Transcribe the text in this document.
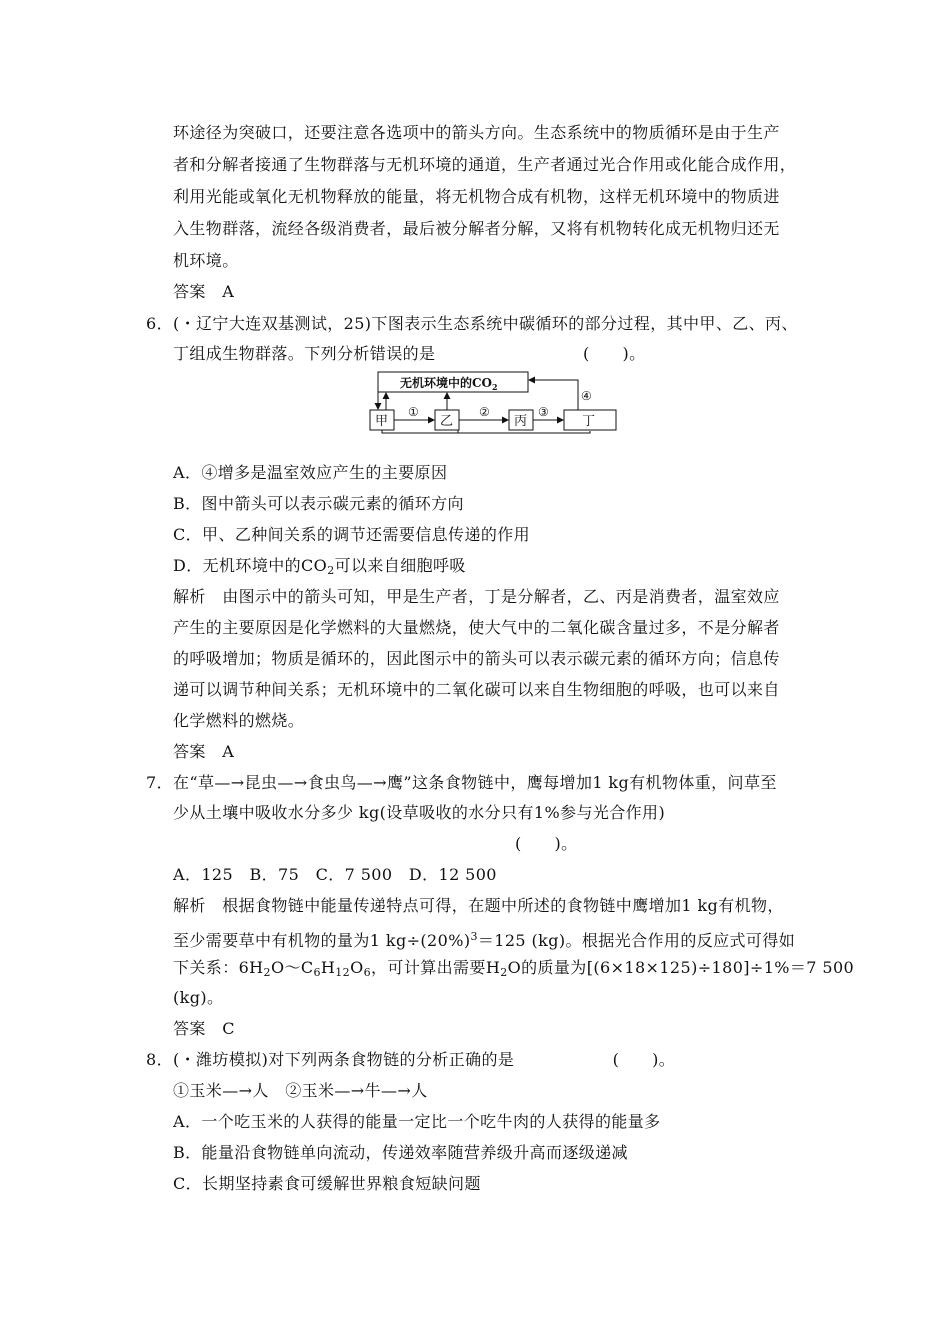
环途径为突破口，还要注意各选项中的箭头方向。生态系统中的物质循环是由于生产
者和分解者接通了生物群落与无机环境的通道，生产者通过光合作用或化能合成作用，
利用光能或氧化无机物释放的能量，将无机物合成有机物，这样无机环境中的物质进
入生物群落，流经各级消费者，最后被分解者分解，又将有机物转化成无机物归还无
机环境。
答案　A
6．(・辽宁大连双基测试，25)下图表示生态系统中碳循环的部分过程，其中甲、乙、丙、
丁组成生物群落。下列分析错误的是　　　　　　　　　(　　)。
无机环境中的$CO_2$
甲	乙	丙	丁
①	②	③
④
A．④增多是温室效应产生的主要原因
B．图中箭头可以表示碳元素的循环方向
C．甲、乙种间关系的调节还需要信息传递的作用
D．无机环境中的$CO_2$可以来自细胞呼吸
解析　由图示中的箭头可知，甲是生产者，丁是分解者，乙、丙是消费者，温室效应
产生的主要原因是化学燃料的大量燃烧，使大气中的二氧化碳含量过多，不是分解者
的呼吸增加；物质是循环的，因此图示中的箭头可以表示碳元素的循环方向；信息传
递可以调节种间关系；无机环境中的二氧化碳可以来自生物细胞的呼吸，也可以来自
化学燃料的燃烧。
答案　A
7．在“草—→昆虫—→食虫鸟—→鹰”这条食物链中，鹰每增加1 kg有机物体重，问草至
少从土壤中吸收水分多少 kg(设草吸收的水分只有1%参与光合作用)
(　　)。
A．125　B．75　C．7 500　D．12 500
解析　根据食物链中能量传递特点可得，在题中所述的食物链中鹰增加1 kg有机物，
至少需要草中有机物的量为1 $kg\div(20\%)^3=125$ (kg)。根据光合作用的反应式可得如
下关系：$6H_2O\sim C_6H_{12}O_6$，可计算出需要$H_2O$的质量为[(6×18×125)÷180]÷1%＝7 500
(kg)。
答案　C
8．(・潍坊模拟)对下列两条食物链的分析正确的是　　　　　　(　　)。
①玉米—→人　②玉米—→牛—→人
A．一个吃玉米的人获得的能量一定比一个吃牛肉的人获得的能量多
B．能量沿食物链单向流动，传递效率随营养级升高而逐级递减
C．长期坚持素食可缓解世界粮食短缺问题
